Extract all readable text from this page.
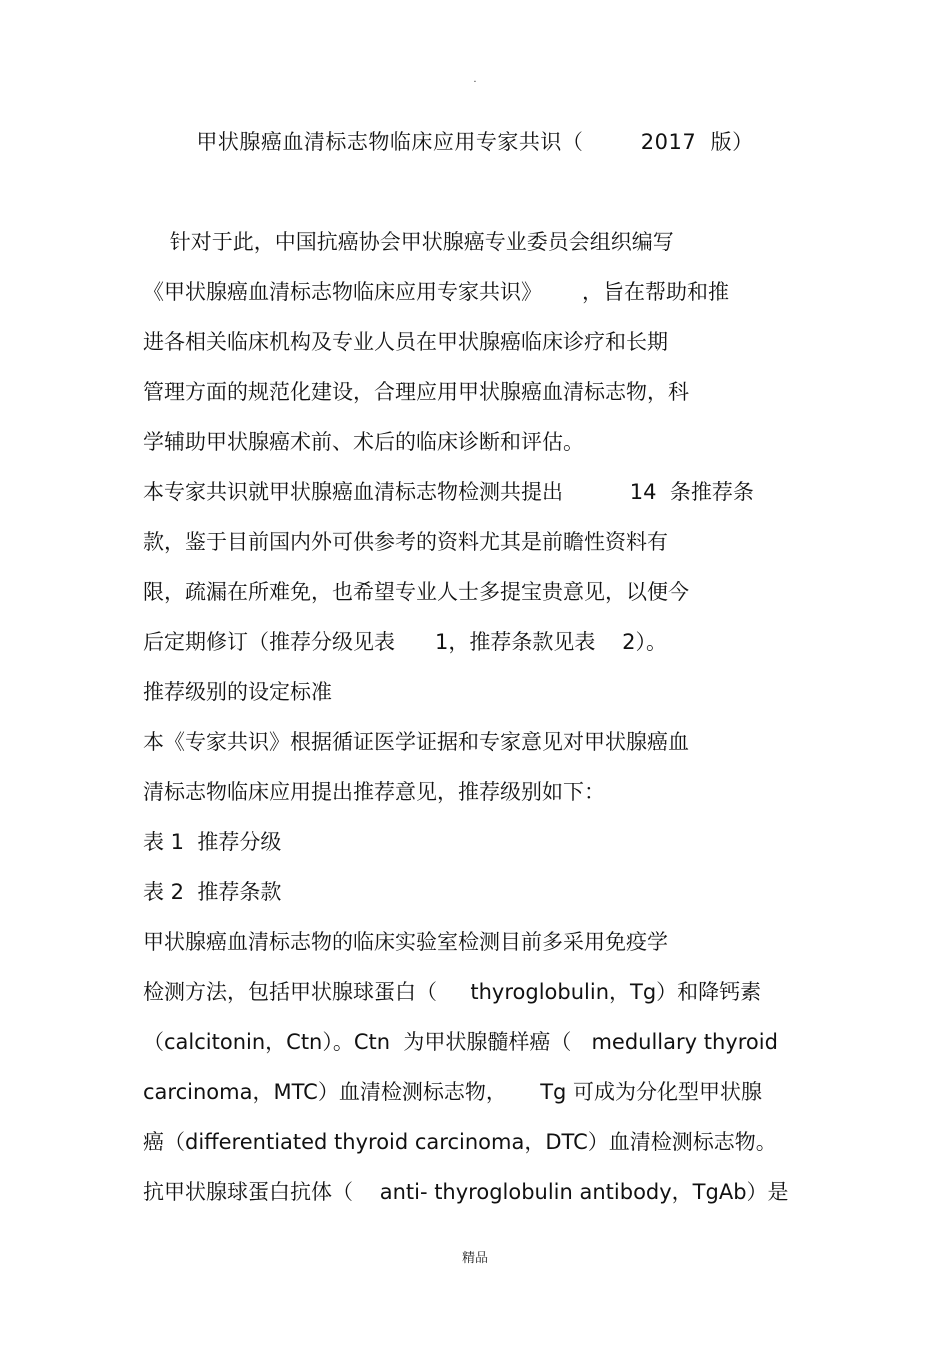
.
甲状腺癌血清标志物临床应用专家共识（        2017  版）
针对于此，中国抗癌协会甲状腺癌专业委员会组织编写
《甲状腺癌血清标志物临床应用专家共识》      ，旨在帮助和推
进各相关临床机构及专业人员在甲状腺癌临床诊疗和长期
管理方面的规范化建设，合理应用甲状腺癌血清标志物，科
学辅助甲状腺癌术前、术后的临床诊断和评估。
本专家共识就甲状腺癌血清标志物检测共提出          14  条推荐条
款，鉴于目前国内外可供参考的资料尤其是前瞻性资料有
限，疏漏在所难免，也希望专业人士多提宝贵意见，以便今
后定期修订（推荐分级见表      1，推荐条款见表    2）。
推荐级别的设定标准
本《专家共识》根据循证医学证据和专家意见对甲状腺癌血
清标志物临床应用提出推荐意见，推荐级别如下：
表 1  推荐分级
表 2  推荐条款
甲状腺癌血清标志物的临床实验室检测目前多采用免疫学
检测方法，包括甲状腺球蛋白（     thyroglobulin，Tg）和降钙素
（calcitonin，Ctn）。Ctn  为甲状腺髓样癌（   medullary thyroid
carcinoma，MTC）血清检测标志物，     Tg 可成为分化型甲状腺
癌（differentiated thyroid carcinoma，DTC）血清检测标志物。
抗甲状腺球蛋白抗体（    anti- thyroglobulin antibody，TgAb）是
精品
